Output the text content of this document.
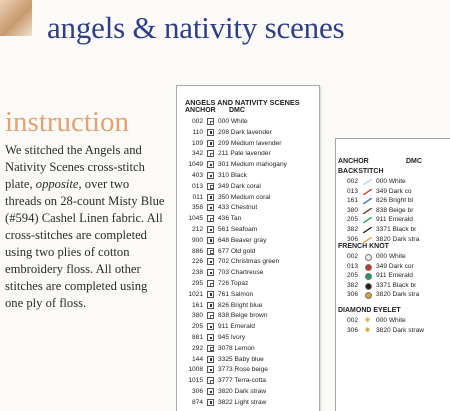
angels & nativity scenes
instruction

We stitched the Angels and Nativity Scenes cross-stitch plate, opposite, over two threads on 28-count Misty Blue (#594) Cashel Linen fabric. All cross-stitches are completed using two plies of cotton embroidery floss. All other stitches are completed using one ply of floss.

ANGELS AND NATIVITY SCENES
ANCHOR DMC
002 000 White
110 208 Dark lavender
109 209 Medium lavender
342 211 Pale lavender
1049 301 Medium mahogany
403 310 Black
013 349 Dark coral
011 350 Medium coral
358 433 Chestnut
1045 436 Tan
212 561 Seafoam
900 648 Beaver gray
886 677 Old gold
226 702 Christmas green
238 703 Chartreuse
295 726 Topaz
1021 761 Salmon
161 826 Bright blue
380 838 Beige brown
205 911 Emerald
881 945 Ivory
292 3078 Lemon
144 3325 Baby blue
1008 3773 Rose beige
1015 3777 Terra-cotta
306 3820 Dark straw
874 3822 Light straw
ANCHOR	DMC
BACKSTITCH
002	000 White
013	349 Dark co
161	826 Bright bl
380	838 Beige br
205	911 Emerald
382	3371 Black br
306	3820 Dark stra
FRENCH KNOT
002	000 White
013	349 Dark cor
205	911 Emerald
382	3371 Black br
306	3820 Dark stra
DIAMOND EYELET
002 ✷ 000 White
306 ✷ 3820 Dark straw
